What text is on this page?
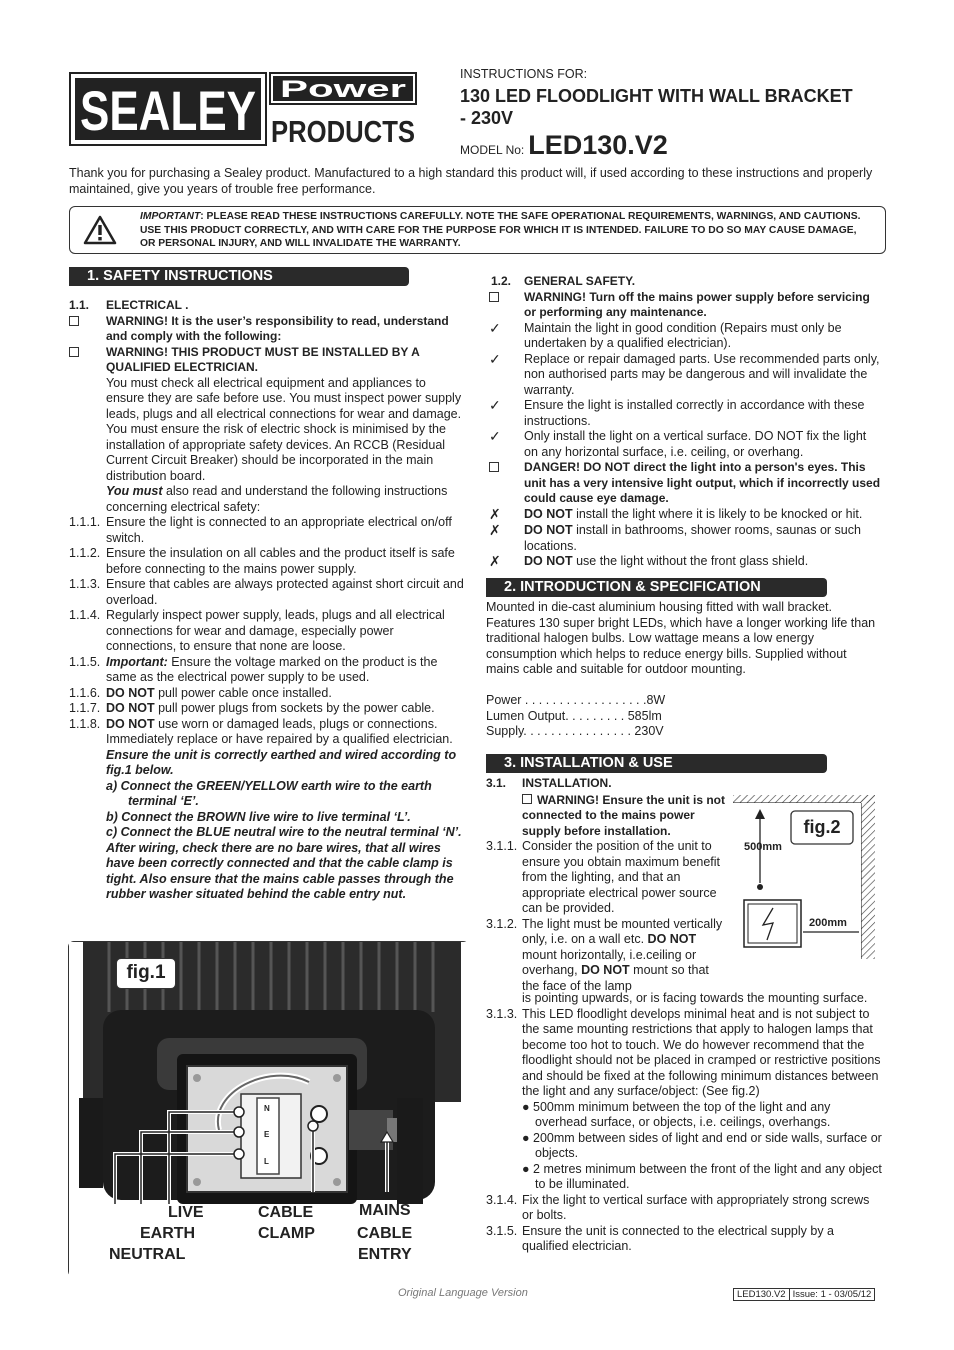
SEALEY Power
PRODUCTS
INSTRUCTIONS FOR:
130 LED FLOODLIGHT WITH WALL BRACKET - 230V
MODEL No: LED130.V2
Thank you for purchasing a Sealey product. Manufactured to a high standard this product will, if used according to these instructions and properly maintained, give you years of trouble free performance.
IMPORTANT: PLEASE READ THESE INSTRUCTIONS CAREFULLY. NOTE THE SAFE OPERATIONAL REQUIREMENTS, WARNINGS, AND CAUTIONS. USE THIS PRODUCT CORRECTLY, AND WITH CARE FOR THE PURPOSE FOR WHICH IT IS INTENDED. FAILURE TO DO SO MAY CAUSE DAMAGE, OR PERSONAL INJURY, AND WILL INVALIDATE THE WARRANTY.
1. SAFETY INSTRUCTIONS
1.1.	ELECTRICAL .
WARNING! It is the user’s responsibility to read, understand and comply with the following:
WARNING! THIS PRODUCT MUST BE INSTALLED BY A QUALIFIED ELECTRICIAN.
You must check all electrical equipment and appliances to ensure they are safe before use. You must inspect power supply leads, plugs and all electrical connections for wear and damage. You must ensure the risk of electric shock is minimised by the installation of appropriate safety devices. An RCCB (Residual Current Circuit Breaker) should be incorporated in the main distribution board.
You must also read and understand the following instructions concerning electrical safety:
1.1.1. Ensure the light is connected to an appropriate electrical on/off switch.
1.1.2. Ensure the insulation on all cables and the product itself is safe before connecting to the mains power supply.
1.1.3. Ensure that cables are always protected against short circuit and overload.
1.1.4. Regularly inspect power supply, leads, plugs and all electrical connections for wear and damage, especially power connections, to ensure that none are loose.
1.1.5. Important: Ensure the voltage marked on the product is the same as the electrical power supply to be used.
1.1.6. DO NOT pull power cable once installed.
1.1.7. DO NOT pull power plugs from sockets by the power cable.
1.1.8. DO NOT use worn or damaged leads, plugs or connections. Immediately replace or have repaired by a qualified electrician.
Ensure the unit is correctly earthed and wired according to fig.1 below.
a) Connect the GREEN/YELLOW earth wire to the earth terminal ‘E’.
b) Connect the BROWN live wire to live terminal ‘L’.
c) Connect the BLUE neutral wire to the neutral terminal ‘N’.
After wiring, check there are no bare wires, that all wires have been correctly connected and that the cable clamp is tight. Also ensure that the mains cable passes through the rubber washer situated behind the cable entry nut.
fig.1
N
E
L
LIVE
EARTH
NEUTRAL
CABLE
CLAMP
MAINS
CABLE
ENTRY
1.2.	GENERAL SAFETY.
WARNING! Turn off the mains power supply before servicing or performing any maintenance.
✓	Maintain the light in good condition (Repairs must only be undertaken by a qualified electrician).
✓	Replace or repair damaged parts. Use recommended parts only, non authorised parts may be dangerous and will invalidate the warranty.
✓	Ensure the light is installed correctly in accordance with these instructions.
✓	Only install the light on a vertical surface. DO NOT fix the light on any horizontal surface, i.e. ceiling, or overhang.
DANGER! DO NOT direct the light into a person's eyes. This unit has a very intensive light output, which if incorrectly used could cause eye damage.
✗	DO NOT install the light where it is likely to be knocked or hit.
✗	DO NOT install in bathrooms, shower rooms, saunas or such locations.
✗	DO NOT use the light without the front glass shield.
2. INTRODUCTION & SPECIFICATION
Mounted in die-cast aluminium housing fitted with wall bracket. Features 130 super bright LEDs, which have a longer working life than traditional halogen bulbs. Low wattage means a low energy consumption which helps to reduce energy bills. Supplied without mains cable and suitable for outdoor mounting.
Power . . . . . . . . . . . . . . . . . .8W
Lumen Output. . . . . . . . . 585lm
Supply. . . . . . . . . . . . . . . . 230V
3. INSTALLATION & USE
3.1.	INSTALLATION.
WARNING! Ensure the unit is not connected to the mains power supply before installation.
3.1.1. Consider the position of the unit to ensure you obtain maximum benefit from the lighting, and that an appropriate electrical power source can be provided.
3.1.2. The light must be mounted vertically only, i.e. on a wall etc. DO NOT mount horizontally, i.e.ceiling or overhang, DO NOT mount so that the face of the lamp
is pointing upwards, or is facing towards the mounting surface.
3.1.3. This LED floodlight develops minimal heat and is not subject to the same mounting restrictions that apply to halogen lamps that become too hot to touch. We do however recommend that the floodlight should not be placed in cramped or restrictive positions and should be fixed at the following minimum distances between the light and any surface/object: (See fig.2)
● 500mm minimum between the top of the light and any overhead surface, or objects, i.e. ceilings, overhangs.
● 200mm between sides of light and end or side walls, surface or objects.
● 2 metres minimum between the front of the light and any object to be illuminated.
3.1.4. Fix the light to vertical surface with appropriately strong screws or bolts.
3.1.5. Ensure the unit is connected to the electrical supply by a qualified electrician.
fig.2
500mm
200mm
Original Language Version	LED130.V2 Issue: 1 - 03/05/12
